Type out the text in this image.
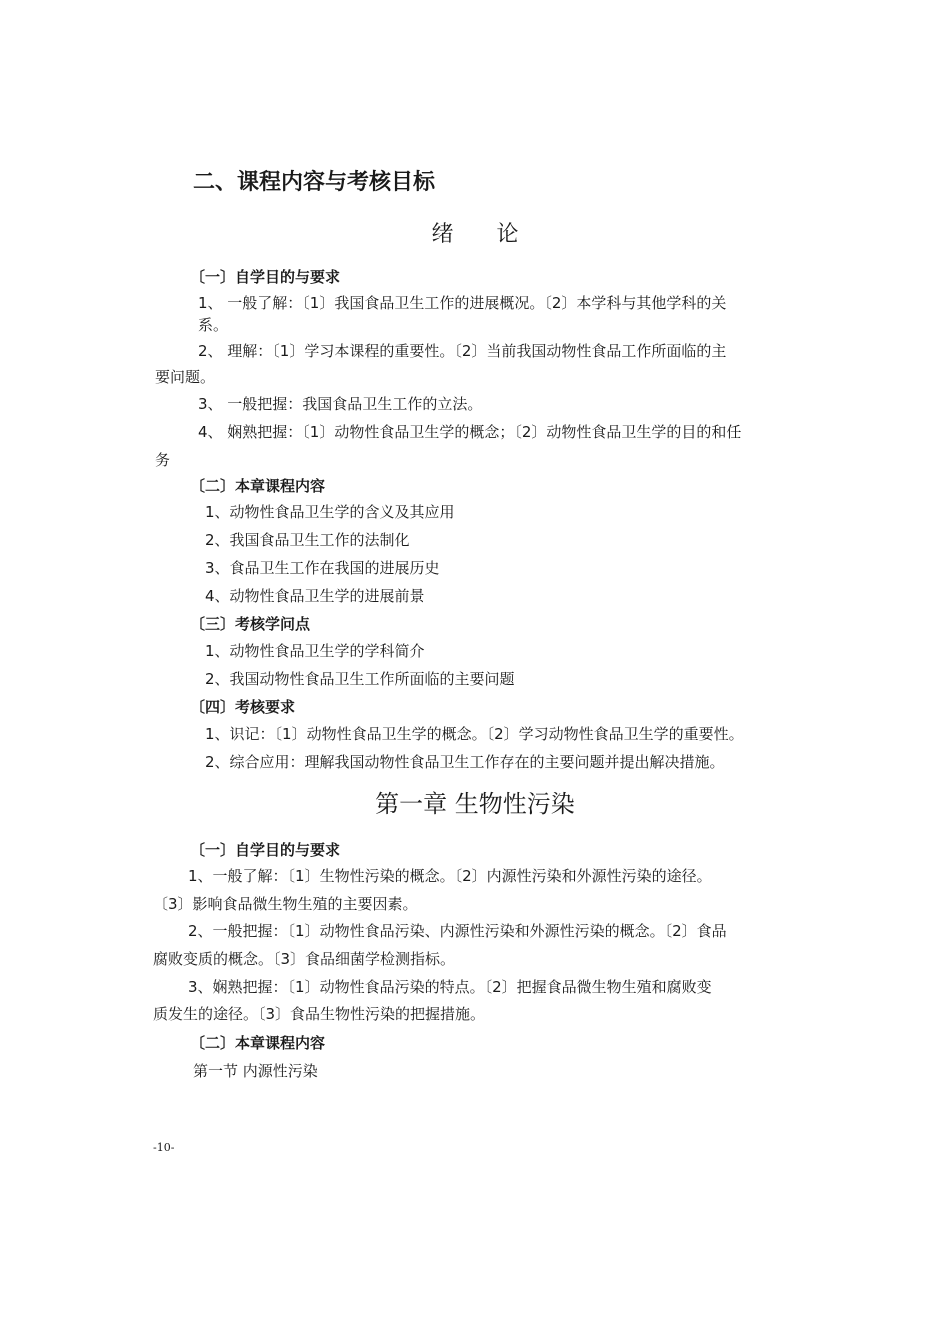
二、课程内容与考核目标
绪 论
〔一〕自学目的与要求
1、 一般了解：〔1〕我国食品卫生工作的进展概况。〔2〕本学科与其他学科的关
系。
2、 理解：〔1〕学习本课程的重要性。〔2〕当前我国动物性食品工作所面临的主
要问题。
3、 一般把握：我国食品卫生工作的立法。
4、 娴熟把握：〔1〕动物性食品卫生学的概念；〔2〕动物性食品卫生学的目的和任
务
〔二〕本章课程内容
1、动物性食品卫生学的含义及其应用
2、我国食品卫生工作的法制化
3、食品卫生工作在我国的进展历史
4、动物性食品卫生学的进展前景
〔三〕考核学问点
1、动物性食品卫生学的学科简介
2、我国动物性食品卫生工作所面临的主要问题
〔四〕考核要求
1、识记：〔1〕动物性食品卫生学的概念。〔2〕学习动物性食品卫生学的重要性。
2、综合应用：理解我国动物性食品卫生工作存在的主要问题并提出解决措施。
第一章 生物性污染
〔一〕自学目的与要求
1、一般了解：〔1〕生物性污染的概念。〔2〕内源性污染和外源性污染的途径。
〔3〕影响食品微生物生殖的主要因素。
2、一般把握：〔1〕动物性食品污染、内源性污染和外源性污染的概念。〔2〕食品
腐败变质的概念。〔3〕食品细菌学检测指标。
3、娴熟把握：〔1〕动物性食品污染的特点。〔2〕把握食品微生物生殖和腐败变
质发生的途径。〔3〕食品生物性污染的把握措施。
〔二〕本章课程内容
第一节 内源性污染
-10-
